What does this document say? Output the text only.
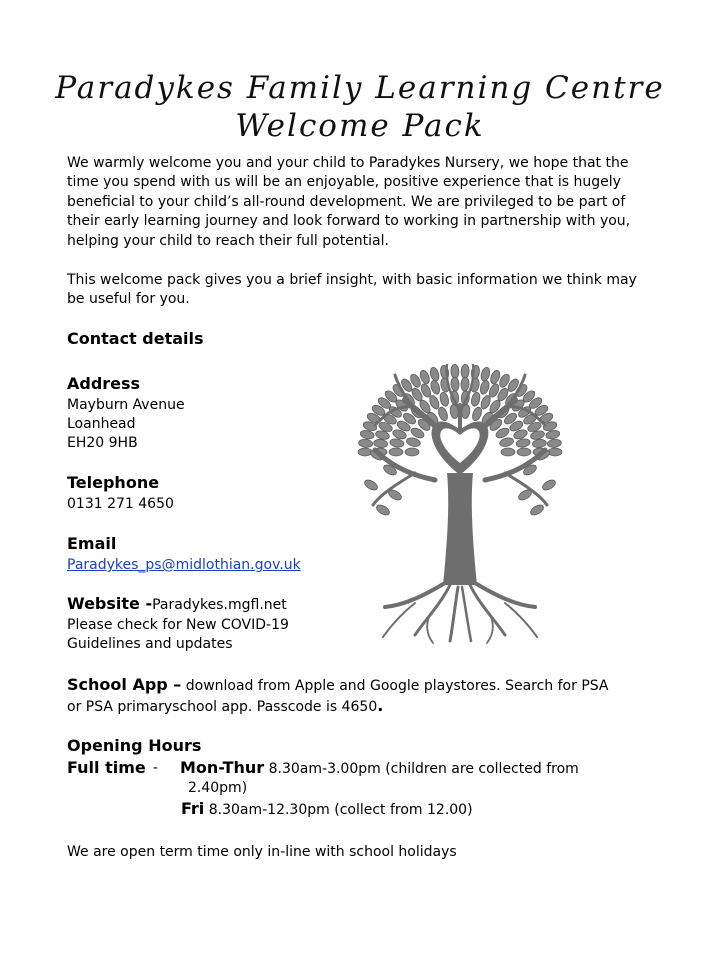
Paradykes Family Learning Centre
Welcome Pack

We warmly welcome you and your child to Paradykes Nursery, we hope that the time you spend with us will be an enjoyable, positive experience that is hugely beneficial to your child’s all-round development. We are privileged to be part of their early learning journey and look forward to working in partnership with you, helping your child to reach their full potential.

This welcome pack gives you a brief insight, with basic information we think may be useful for you.

Contact details
Address
Mayburn Avenue
Loanhead
EH20 9HB
Telephone
0131 271 4650
Email
Paradykes_ps@midlothian.gov.uk
Website -Paradykes.mgfl.net
Please check for New COVID-19
Guidelines and updates
School App – download from Apple and Google playstores. Search for PSA
or PSA primaryschool app. Passcode is 4650.
Opening Hours
Full time - Mon-Thur 8.30am-3.00pm (children are collected from
2.40pm)
Fri 8.30am-12.30pm (collect from 12.00)
We are open term time only in-line with school holidays
